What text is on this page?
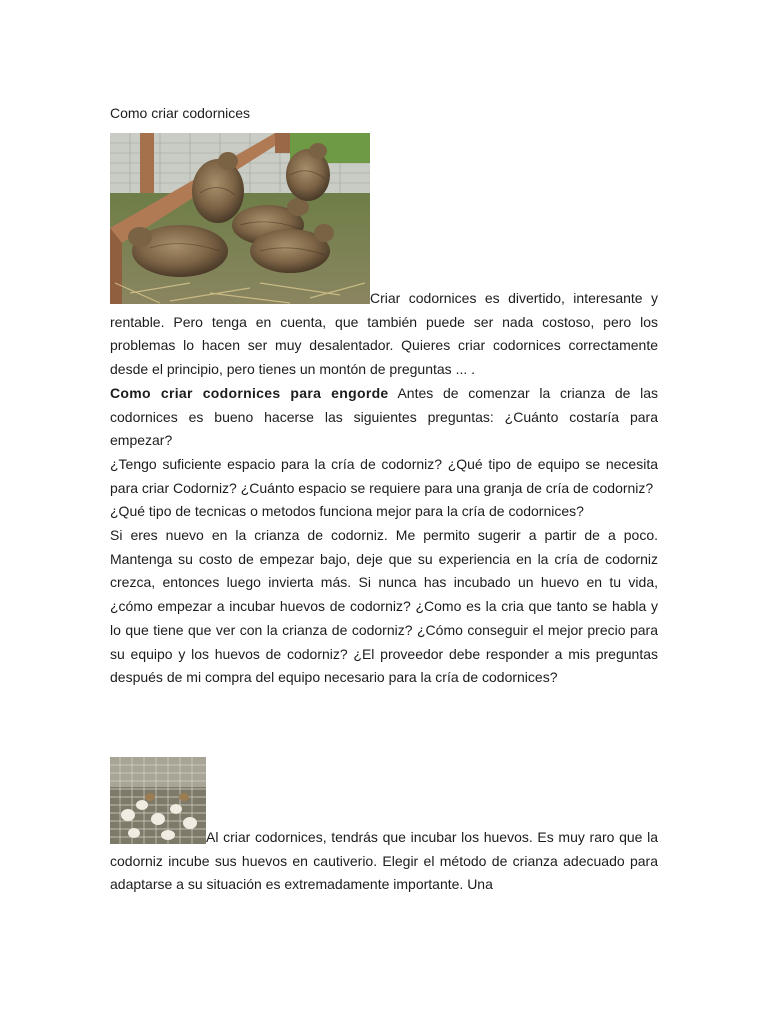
Como criar codornices

Criar codornices es divertido, interesante y rentable. Pero tenga en cuenta, que también puede ser nada costoso, pero los problemas lo hacen ser muy desalentador. Quieres criar codornices correctamente desde el principio, pero tienes un montón de preguntas ... .
Como criar codornices para engorde Antes de comenzar la crianza de las codornices es bueno hacerse las siguientes preguntas: ¿Cuánto costaría para empezar?
¿Tengo suficiente espacio para la cría de codorniz? ¿Qué tipo de equipo se necesita para criar Codorniz? ¿Cuánto espacio se requiere para una granja de cría de codorniz?
¿Qué tipo de tecnicas o metodos funciona mejor para la cría de codornices?
Si eres nuevo en la crianza de codorniz. Me permito sugerir a partir de a poco. Mantenga su costo de empezar bajo, deje que su experiencia en la cría de codorniz crezca, entonces luego invierta más. Si nunca has incubado un huevo en tu vida, ¿cómo empezar a incubar huevos de codorniz? ¿Como es la cria que tanto se habla y lo que tiene que ver con la crianza de codorniz? ¿Cómo conseguir el mejor precio para su equipo y los huevos de codorniz? ¿El proveedor debe responder a mis preguntas después de mi compra del equipo necesario para la cría de codornices?

Al criar codornices, tendrás que incubar los huevos. Es muy raro que la codorniz incube sus huevos en cautiverio. Elegir el método de crianza adecuado para adaptarse a su situación es extremadamente importante. Una
